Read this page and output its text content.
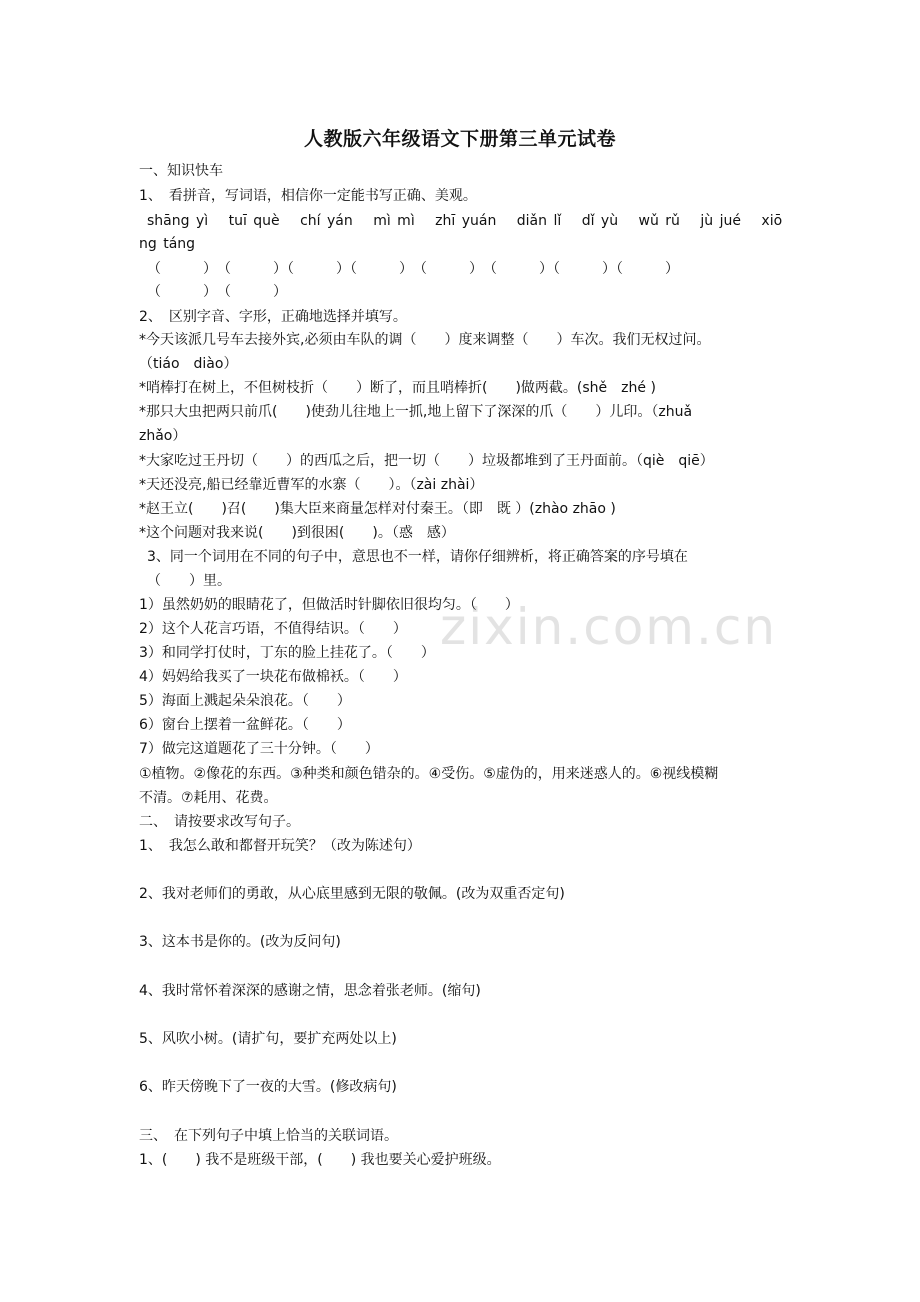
zixin.com.cn
人教版六年级语文下册第三单元试卷
一、知识快车
1、　看拼音，写词语，相信你一定能书写正确、美观。
shāng yì　 tuī què　 chí yán　 mì mì　 zhī yuán　 diǎn lǐ　 dǐ yù　 wǔ rǔ　 jù jué　 xiō
ng táng
（　　　）　（　　　）（　　　）（　　　）　（　　　）　（　　　）（　　　）（　　　）
（　　　）　（　　　）
2、　区别字音、字形，正确地选择并填写。
*今天该派几号车去接外宾,必须由车队的调（　　）度来调整（　　）车次。我们无权过问。
（tiáo　diào）
*哨棒打在树上，不但树枝折（　　）断了，而且哨棒折(　　)做两截。(shě　zhé )
*那只大虫把两只前爪(　　)使劲儿往地上一抓,地上留下了深深的爪（　　）儿印。（zhuǎ
zhǎo）
*大家吃过王丹切（　　）的西瓜之后，把一切（　　）垃圾都堆到了王丹面前。（qiè　qiē）
*天还没亮,船已经靠近曹军的水寨（　　）。（zài zhài）
*赵王立(　　)召(　　)集大臣来商量怎样对付秦王。（即　既 ）(zhào zhāo )
*这个问题对我来说(　　)到很困(　　)。（惑　感）
3、同一个词用在不同的句子中，意思也不一样，请你仔细辨析，将正确答案的序号填在
（　　）里。
1）虽然奶奶的眼睛花了，但做活时针脚依旧很均匀。（　　）
2）这个人花言巧语，不值得结识。（　　）
3）和同学打仗时，丁东的脸上挂花了。（　　）
4）妈妈给我买了一块花布做棉袄。（　　）
5）海面上溅起朵朵浪花。（　　）
6）窗台上摆着一盆鲜花。（　　）
7）做完这道题花了三十分钟。（　　）
①植物。②像花的东西。③种类和颜色错杂的。④受伤。⑤虚伪的，用来迷惑人的。⑥视线模糊
不清。⑦耗用、花费。
二、　请按要求改写句子。
1、　我怎么敢和都督开玩笑？（改为陈述句）
2、我对老师们的勇敢，从心底里感到无限的敬佩。(改为双重否定句)
3、这本书是你的。(改为反问句)
4、我时常怀着深深的感谢之情，思念着张老师。(缩句)
5、风吹小树。(请扩句，要扩充两处以上)
6、昨天傍晚下了一夜的大雪。(修改病句)
三、　在下列句子中填上恰当的关联词语。
1、(　　) 我不是班级干部，(　　) 我也要关心爱护班级。
